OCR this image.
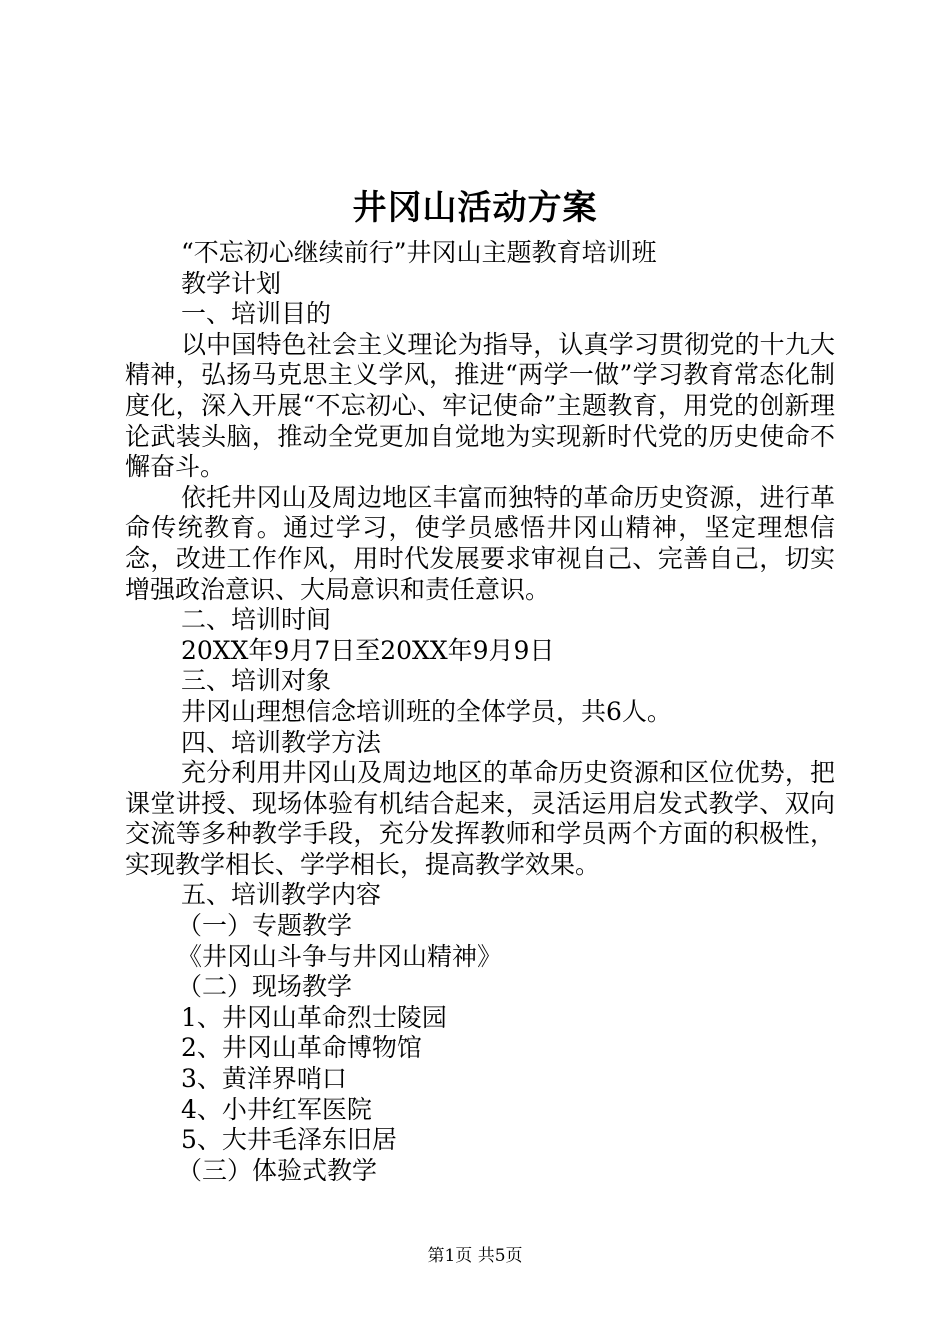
井冈山活动方案

“不忘初心继续前行”井冈山主题教育培训班

教学计划

一、培训目的

以中国特色社会主义理论为指导，认真学习贯彻党的十九大精神，弘扬马克思主义学风，推进“两学一做”学习教育常态化制度化，深入开展“不忘初心、牢记使命”主题教育，用党的创新理论武装头脑，推动全党更加自觉地为实现新时代党的历史使命不懈奋斗。

依托井冈山及周边地区丰富而独特的革命历史资源，进行革命传统教育。通过学习，使学员感悟井冈山精神，坚定理想信念，改进工作作风，用时代发展要求审视自己、完善自己，切实增强政治意识、大局意识和责任意识。

二、培训时间

20XX年9月7日至20XX年9月9日

三、培训对象

井冈山理想信念培训班的全体学员，共6人。

四、培训教学方法

充分利用井冈山及周边地区的革命历史资源和区位优势，把课堂讲授、现场体验有机结合起来，灵活运用启发式教学、双向交流等多种教学手段，充分发挥教师和学员两个方面的积极性，实现教学相长、学学相长，提高教学效果。

五、培训教学内容

（一）专题教学

《井冈山斗争与井冈山精神》

（二）现场教学

1、井冈山革命烈士陵园

2、井冈山革命博物馆

3、黄洋界哨口

4、小井红军医院

5、大井毛泽东旧居

（三）体验式教学

第1页 共5页
